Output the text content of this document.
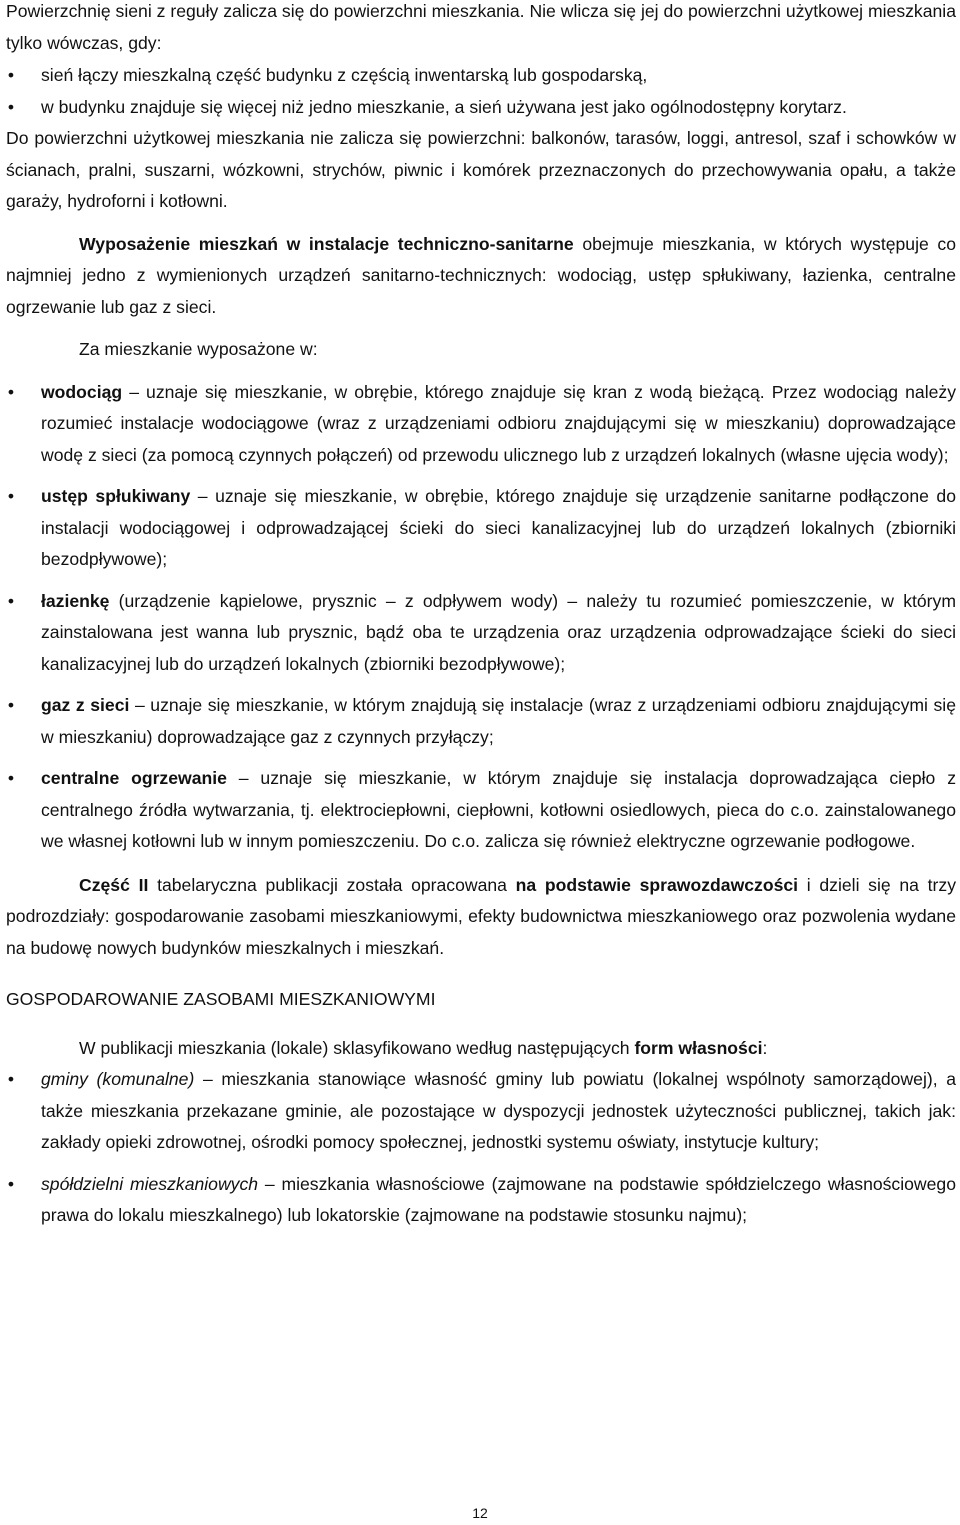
Powierzchnię sieni z reguły zalicza się do powierzchni mieszkania. Nie wlicza się jej do powierzchni użytkowej mieszkania tylko wówczas, gdy:

• sień łączy mieszkalną część budynku z częścią inwentarską lub gospodarską,
• w budynku znajduje się więcej niż jedno mieszkanie, a sień używana jest jako ogólnodostępny korytarz.

Do powierzchni użytkowej mieszkania nie zalicza się powierzchni: balkonów, tarasów, loggi, antresol, szaf i schowków w ścianach, pralni, suszarni, wózkowni, strychów, piwnic i komórek przeznaczonych do przechowywania opału, a także garaży, hydroforni i kotłowni.

Wyposażenie mieszkań w instalacje techniczno-sanitarne obejmuje mieszkania, w których występuje co najmniej jedno z wymienionych urządzeń sanitarno-technicznych: wodociąg, ustęp spłukiwany, łazienka, centralne ogrzewanie lub gaz z sieci.

Za mieszkanie wyposażone w:

• wodociąg – uznaje się mieszkanie, w obrębie, którego znajduje się kran z wodą bieżącą. Przez wodociąg należy rozumieć instalacje wodociągowe (wraz z urządzeniami odbioru znajdującymi się w mieszkaniu) doprowadzające wodę z sieci (za pomocą czynnych połączeń) od przewodu ulicznego lub z urządzeń lokalnych (własne ujęcia wody);
• ustęp spłukiwany – uznaje się mieszkanie, w obrębie, którego znajduje się urządzenie sanitarne podłączone do instalacji wodociągowej i odprowadzającej ścieki do sieci kanalizacyjnej lub do urządzeń lokalnych (zbiorniki bezodpływowe);
• łazienkę (urządzenie kąpielowe, prysznic – z odpływem wody) – należy tu rozumieć pomieszczenie, w którym zainstalowana jest wanna lub prysznic, bądź oba te urządzenia oraz urządzenia odprowadzające ścieki do sieci kanalizacyjnej lub do urządzeń lokalnych (zbiorniki bezodpływowe);
• gaz z sieci – uznaje się mieszkanie, w którym znajdują się instalacje (wraz z urządzeniami odbioru znajdującymi się w mieszkaniu) doprowadzające gaz z czynnych przyłączy;
• centralne ogrzewanie – uznaje się mieszkanie, w którym znajduje się instalacja doprowadzająca ciepło z centralnego źródła wytwarzania, tj. elektrociepłowni, ciepłowni, kotłowni osiedlowych, pieca do c.o. zainstalowanego we własnej kotłowni lub w innym pomieszczeniu. Do c.o. zalicza się również elektryczne ogrzewanie podłogowe.

Część II tabelaryczna publikacji została opracowana na podstawie sprawozdawczości i dzieli się na trzy podrozdziały: gospodarowanie zasobami mieszkaniowymi, efekty budownictwa mieszkaniowego oraz pozwolenia wydane na budowę nowych budynków mieszkalnych i mieszkań.

GOSPODAROWANIE ZASOBAMI MIESZKANIOWYMI

W publikacji mieszkania (lokale) sklasyfikowano według następujących form własności:

• gminy (komunalne) – mieszkania stanowiące własność gminy lub powiatu (lokalnej wspólnoty samorządowej), a także mieszkania przekazane gminie, ale pozostające w dyspozycji jednostek użyteczności publicznej, takich jak: zakłady opieki zdrowotnej, ośrodki pomocy społecznej, jednostki systemu oświaty, instytucje kultury;
• spółdzielni mieszkaniowych – mieszkania własnościowe (zajmowane na podstawie spółdzielczego własnościowego prawa do lokalu mieszkalnego) lub lokatorskie (zajmowane na podstawie stosunku najmu);
12
